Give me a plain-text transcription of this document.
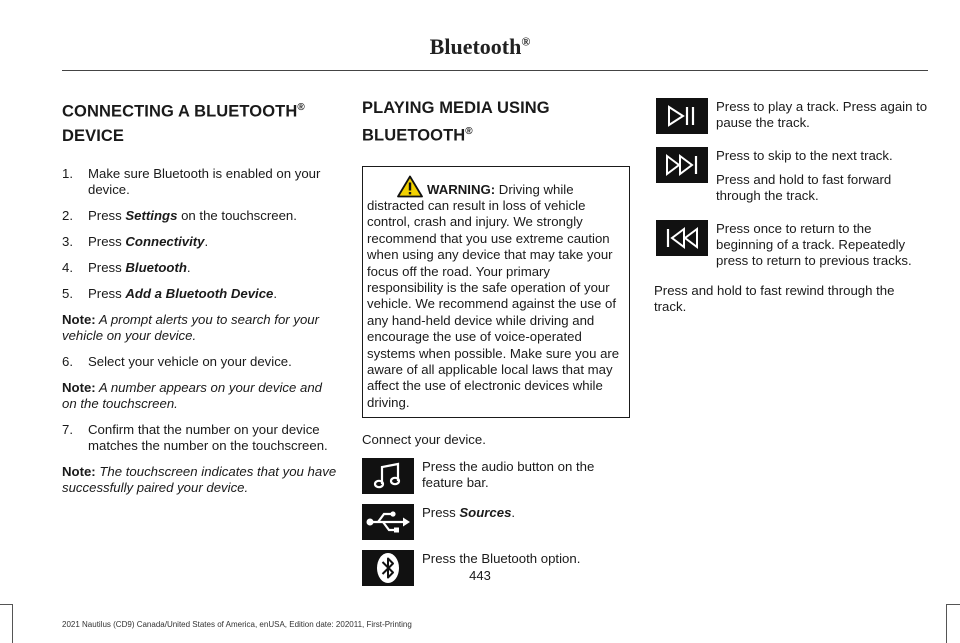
Bluetooth®
CONNECTING A BLUETOOTH®
DEVICE
1.	Make sure Bluetooth is enabled on your device.
2.	Press Settings on the touchscreen.
3.	Press Connectivity.
4.	Press Bluetooth.
5.	Press Add a Bluetooth Device.
Note: A prompt alerts you to search for your vehicle on your device.
6.	Select your vehicle on your device.
Note: A number appears on your device and on the touchscreen.
7.	Confirm that the number on your device matches the number on the touchscreen.
Note: The touchscreen indicates that you have successfully paired your device.
PLAYING MEDIA USING
BLUETOOTH®
WARNING: Driving while distracted can result in loss of vehicle control, crash and injury. We strongly recommend that you use extreme caution when using any device that may take your focus off the road. Your primary responsibility is the safe operation of your vehicle. We recommend against the use of any hand-held device while driving and encourage the use of voice-operated systems when possible. Make sure you are aware of all applicable local laws that may affect the use of electronic devices while driving.
Connect your device.
Press the audio button on the feature bar.
Press Sources.
Press the Bluetooth option.

Press to play a track. Press again to pause the track.

Press to skip to the next track.

Press and hold to fast forward through the track.

Press once to return to the beginning of a track. Repeatedly press to return to previous tracks.

Press and hold to fast rewind through the track.
443
2021 Nautilus (CD9) Canada/United States of America, enUSA, Edition date: 202011, First-Printing
